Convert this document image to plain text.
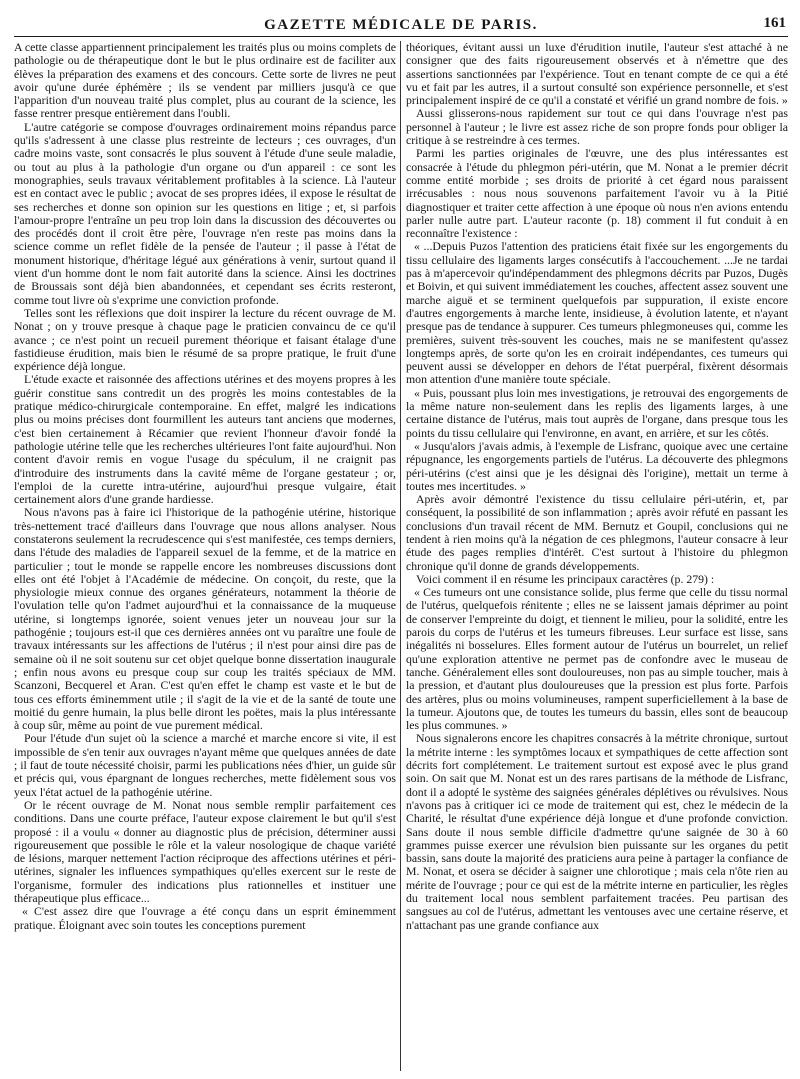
GAZETTE MÉDICALE DE PARIS.	161

A cette classe appartiennent principalement les traités plus ou moins complets de pathologie ou de thérapeutique dont le but le plus ordinaire est de faciliter aux élèves la préparation des examens et des concours. Cette sorte de livres ne peut avoir qu'une durée éphémère ; ils se vendent par milliers jusqu'à ce que l'apparition d'un nouveau traité plus complet, plus au courant de la science, les fasse rentrer presque entièrement dans l'oubli.

L'autre catégorie se compose d'ouvrages ordinairement moins répandus parce qu'ils s'adressent à une classe plus restreinte de lecteurs ; ces ouvrages, d'un cadre moins vaste, sont consacrés le plus souvent à l'étude d'une seule maladie, ou tout au plus à la pathologie d'un organe ou d'un appareil : ce sont les monographies, seuls travaux véritablement profitables à la science. Là l'auteur est en contact avec le public ; avocat de ses propres idées, il expose le résultat de ses recherches et donne son opinion sur les questions en litige ; et, si parfois l'amour-propre l'entraîne un peu trop loin dans la discussion des découvertes ou des procédés dont il croit être père, l'ouvrage n'en reste pas moins dans la science comme un reflet fidèle de la pensée de l'auteur ; il passe à l'état de monument historique, d'héritage légué aux générations à venir, surtout quand il vient d'un homme dont le nom fait autorité dans la science. Ainsi les doctrines de Broussais sont déjà bien abandonnées, et cependant ses écrits resteront, comme tout livre où s'exprime une conviction profonde.

Telles sont les réflexions que doit inspirer la lecture du récent ouvrage de M. Nonat ; on y trouve presque à chaque page le praticien convaincu de ce qu'il avance ; ce n'est point un recueil purement théorique et faisant étalage d'une fastidieuse érudition, mais bien le résumé de sa propre pratique, le fruit d'une expérience déjà longue.

L'étude exacte et raisonnée des affections utérines et des moyens propres à les guérir constitue sans contredit un des progrès les moins contestables de la pratique médico-chirurgicale contemporaine. En effet, malgré les indications plus ou moins précises dont fourmillent les auteurs tant anciens que modernes, c'est bien certainement à Récamier que revient l'honneur d'avoir fondé la pathologie utérine telle que les recherches ultérieures l'ont faite aujourd'hui. Non content d'avoir remis en vogue l'usage du spéculum, il ne craignit pas d'introduire des instruments dans la cavité même de l'organe gestateur ; or, l'emploi de la curette intra-utérine, aujourd'hui presque vulgaire, était certainement alors d'une grande hardiesse.

Nous n'avons pas à faire ici l'historique de la pathogénie utérine, historique très-nettement tracé d'ailleurs dans l'ouvrage que nous allons analyser. Nous constaterons seulement la recrudescence qui s'est manifestée, ces temps derniers, dans l'étude des maladies de l'appareil sexuel de la femme, et de la matrice en particulier ; tout le monde se rappelle encore les nombreuses discussions dont elles ont été l'objet à l'Académie de médecine. On conçoit, du reste, que la physiologie mieux connue des organes générateurs, notamment la théorie de l'ovulation telle qu'on l'admet aujourd'hui et la connaissance de la muqueuse utérine, si longtemps ignorée, soient venues jeter un nouveau jour sur la pathogénie ; toujours est-il que ces dernières années ont vu paraître une foule de travaux intéressants sur les affections de l'utérus ; il n'est pour ainsi dire pas de semaine où il ne soit soutenu sur cet objet quelque bonne dissertation inaugurale ; enfin nous avons eu presque coup sur coup les traités spéciaux de MM. Scanzoni, Becquerel et Aran. C'est qu'en effet le champ est vaste et le but de tous ces efforts éminemment utile ; il s'agit de la vie et de la santé de toute une moitié du genre humain, la plus belle diront les poëtes, mais la plus intéressante à coup sûr, même au point de vue purement médical.

Pour l'étude d'un sujet où la science a marché et marche encore si vite, il est impossible de s'en tenir aux ouvrages n'ayant même que quelques années de date ; il faut de toute nécessité choisir, parmi les publications nées d'hier, un guide sûr et précis qui, vous épargnant de longues recherches, mette fidèlement sous vos yeux l'état actuel de la pathogénie utérine.

Or le récent ouvrage de M. Nonat nous semble remplir parfaitement ces conditions. Dans une courte préface, l'auteur expose clairement le but qu'il s'est proposé : il a voulu « donner au diagnostic plus de précision, déterminer aussi rigoureusement que possible le rôle et la valeur nosologique de chaque variété de lésions, marquer nettement l'action réciproque des affections utérines et péri-utérines, signaler les influences sympathiques qu'elles exercent sur le reste de l'organisme, formuler des indications plus rationnelles et instituer une thérapeutique plus efficace...

« C'est assez dire que l'ouvrage a été conçu dans un esprit éminemment pratique. Éloignant avec soin toutes les conceptions purement

théoriques, évitant aussi un luxe d'érudition inutile, l'auteur s'est attaché à ne consigner que des faits rigoureusement observés et à n'émettre que des assertions sanctionnées par l'expérience. Tout en tenant compte de ce qui a été vu et fait par les autres, il a surtout consulté son expérience personnelle, et s'est principalement inspiré de ce qu'il a constaté et vérifié un grand nombre de fois. »

Aussi glisserons-nous rapidement sur tout ce qui dans l'ouvrage n'est pas personnel à l'auteur ; le livre est assez riche de son propre fonds pour obliger la critique à se restreindre à ces termes.

Parmi les parties originales de l'œuvre, une des plus intéressantes est consacrée à l'étude du phlegmon péri-utérin, que M. Nonat a le premier décrit comme entité morbide ; ses droits de priorité à cet égard nous paraissent irrécusables : nous nous souvenons parfaitement l'avoir vu à la Pitié diagnostiquer et traiter cette affection à une époque où nous n'en avions entendu parler nulle autre part. L'auteur raconte (p. 18) comment il fut conduit à en reconnaître l'existence :

« ...Depuis Puzos l'attention des praticiens était fixée sur les engorgements du tissu cellulaire des ligaments larges consécutifs à l'accouchement. ...Je ne tardai pas à m'apercevoir qu'indépendamment des phlegmons décrits par Puzos, Dugès et Boivin, et qui suivent immédiatement les couches, affectent assez souvent une marche aiguë et se terminent quelquefois par suppuration, il existe encore d'autres engorgements à marche lente, insidieuse, à évolution latente, et n'ayant presque pas de tendance à suppurer. Ces tumeurs phlegmoneuses qui, comme les premières, suivent très-souvent les couches, mais ne se manifestent qu'assez longtemps après, de sorte qu'on les en croirait indépendantes, ces tumeurs qui peuvent aussi se développer en dehors de l'état puerpéral, fixèrent désormais mon attention d'une manière toute spéciale.

« Puis, poussant plus loin mes investigations, je retrouvai des engorgements de la même nature non-seulement dans les replis des ligaments larges, à une certaine distance de l'utérus, mais tout auprès de l'organe, dans presque tous les points du tissu cellulaire qui l'environne, en avant, en arrière, et sur les côtés.

« Jusqu'alors j'avais admis, à l'exemple de Lisfranc, quoique avec une certaine répugnance, les engorgements partiels de l'utérus. La découverte des phlegmons péri-utérins (c'est ainsi que je les désignai dès l'origine), mettait un terme à toutes mes incertitudes. »

Après avoir démontré l'existence du tissu cellulaire péri-utérin, et, par conséquent, la possibilité de son inflammation ; après avoir réfuté en passant les conclusions d'un travail récent de MM. Bernutz et Goupil, conclusions qui ne tendent à rien moins qu'à la négation de ces phlegmons, l'auteur consacre à leur étude des pages remplies d'intérêt. C'est surtout à l'histoire du phlegmon chronique qu'il donne de grands développements.

Voici comment il en résume les principaux caractères (p. 279) :

« Ces tumeurs ont une consistance solide, plus ferme que celle du tissu normal de l'utérus, quelquefois rénitente ; elles ne se laissent jamais déprimer au point de conserver l'empreinte du doigt, et tiennent le milieu, pour la solidité, entre les parois du corps de l'utérus et les tumeurs fibreuses. Leur surface est lisse, sans inégalités ni bosselures. Elles forment autour de l'utérus un bourrelet, un relief qu'une exploration attentive ne permet pas de confondre avec le museau de tanche. Généralement elles sont douloureuses, non pas au simple toucher, mais à la pression, et d'autant plus douloureuses que la pression est plus forte. Parfois des artères, plus ou moins volumineuses, rampent superficiellement à la base de la tumeur. Ajoutons que, de toutes les tumeurs du bassin, elles sont de beaucoup les plus communes. »

Nous signalerons encore les chapitres consacrés à la métrite chronique, surtout la métrite interne : les symptômes locaux et sympathiques de cette affection sont décrits fort complétement. Le traitement surtout est exposé avec le plus grand soin. On sait que M. Nonat est un des rares partisans de la méthode de Lisfranc, dont il a adopté le système des saignées générales déplétives ou révulsives. Nous n'avons pas à critiquer ici ce mode de traitement qui est, chez le médecin de la Charité, le résultat d'une expérience déjà longue et d'une profonde conviction. Sans doute il nous semble difficile d'admettre qu'une saignée de 30 à 60 grammes puisse exercer une révulsion bien puissante sur les organes du petit bassin, sans doute la majorité des praticiens aura peine à partager la confiance de M. Nonat, et osera se décider à saigner une chlorotique ; mais cela n'ôte rien au mérite de l'ouvrage ; pour ce qui est de la métrite interne en particulier, les règles du traitement local nous semblent parfaitement tracées. Peu partisan des sangsues au col de l'utérus, admettant les ventouses avec une certaine réserve, et n'attachant pas une grande confiance aux
